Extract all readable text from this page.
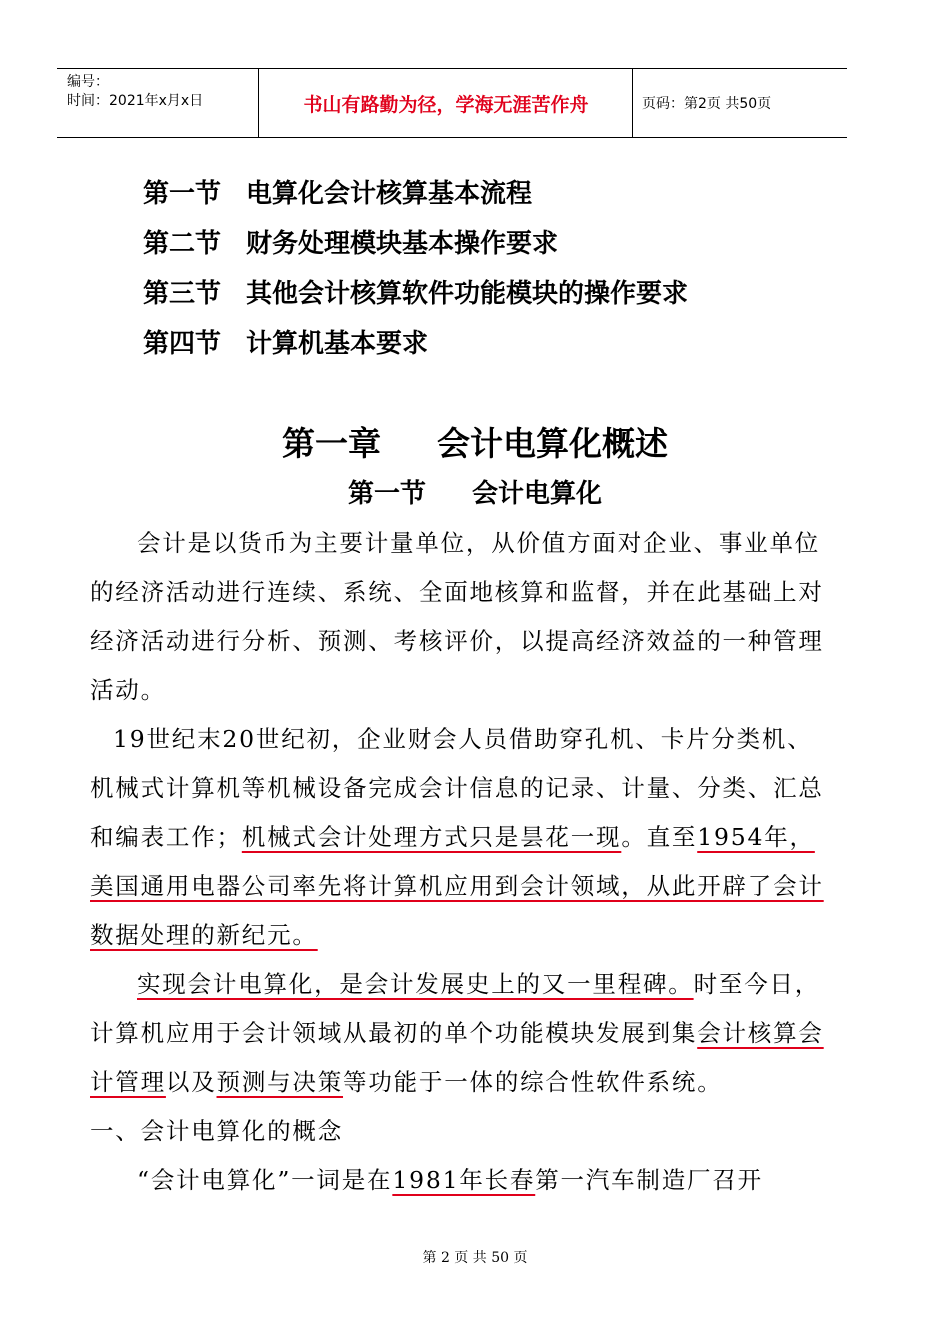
编号：
时间：2021年x月x日	书山有路勤为径，学海无涯苦作舟	页码：第2页 共50页
第一节 电算化会计核算基本流程
第二节 财务处理模块基本操作要求
第三节 其他会计核算软件功能模块的操作要求
第四节 计算机基本要求
第一章 会计电算化概述
第一节 会计电算化

会计是以货币为主要计量单位，从价值方面对企业、事业单位的经济活动进行连续、系统、全面地核算和监督，并在此基础上对经济活动进行分析、预测、考核评价，以提高经济效益的一种管理活动。

19世纪末20世纪初，企业财会人员借助穿孔机、卡片分类机、机械式计算机等机械设备完成会计信息的记录、计量、分类、汇总和编表工作；机械式会计处理方式只是昙花一现。直至1954年，美国通用电器公司率先将计算机应用到会计领域，从此开辟了会计数据处理的新纪元。

实现会计电算化，是会计发展史上的又一里程碑。时至今日，计算机应用于会计领域从最初的单个功能模块发展到集会计核算会计管理以及预测与决策等功能于一体的综合性软件系统。

一、会计电算化的概念

“会计电算化”一词是在1981年长春第一汽车制造厂召开

第 2 页 共 50 页
